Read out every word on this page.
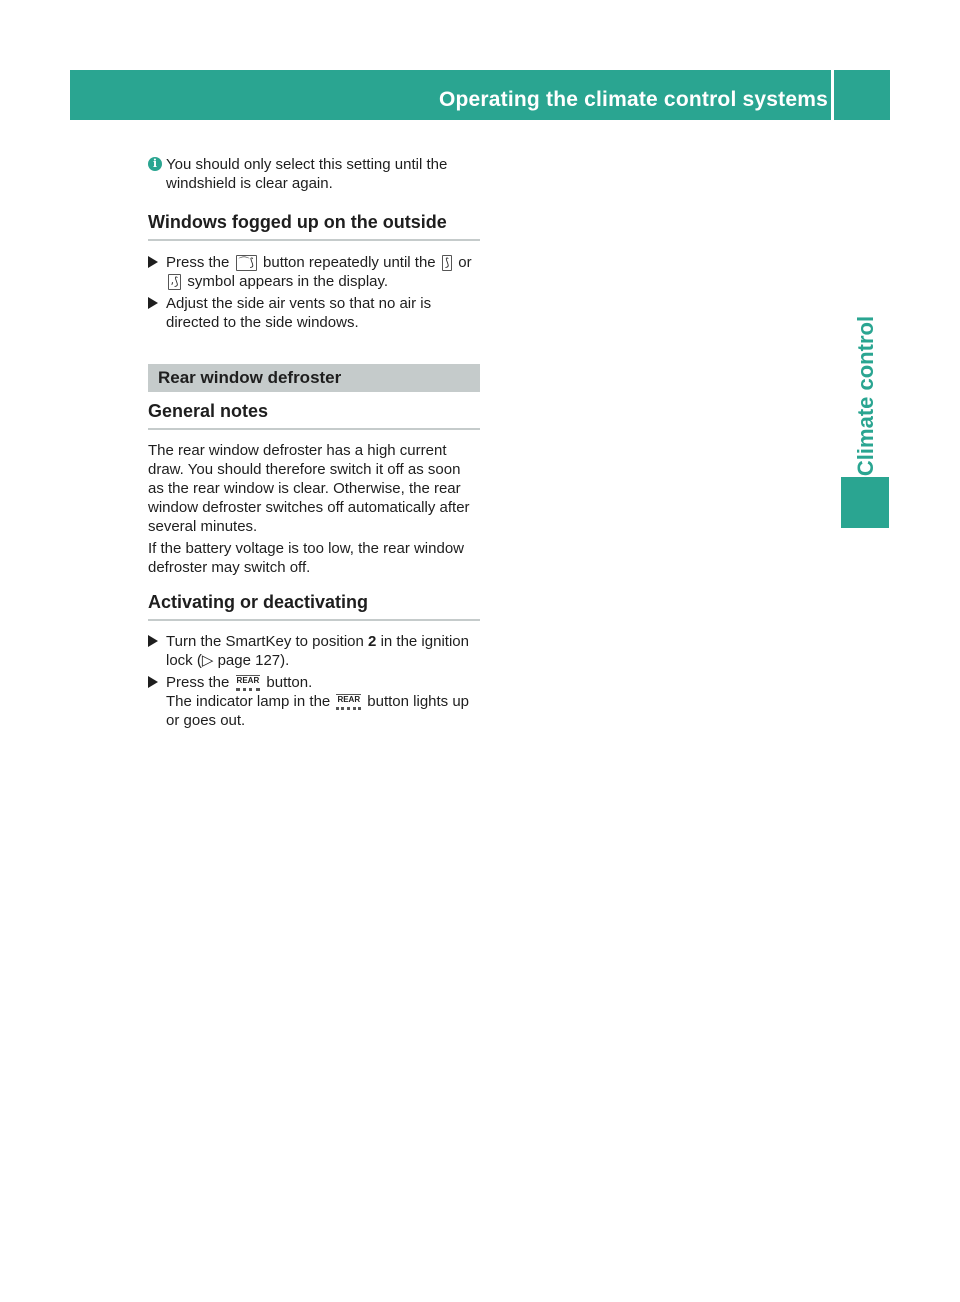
Operating the climate control systems	123
Climate control
i You should only select this setting until the windshield is clear again.

Windows fogged up on the outside

Press the ⌒⟆ button repeatedly until the ⟆ or ⸴⟆ symbol appears in the display.

Adjust the side air vents so that no air is directed to the side windows.

Rear window defroster
General notes

The rear window defroster has a high current draw. You should therefore switch it off as soon as the rear window is clear. Otherwise, the rear window defroster switches off automatically after several minutes.

If the battery voltage is too low, the rear window defroster may switch off.

Activating or deactivating

Turn the SmartKey to position 2 in the ignition lock (▷ page 127).

Press the REAR button.
The indicator lamp in the REAR button lights up or goes out.
